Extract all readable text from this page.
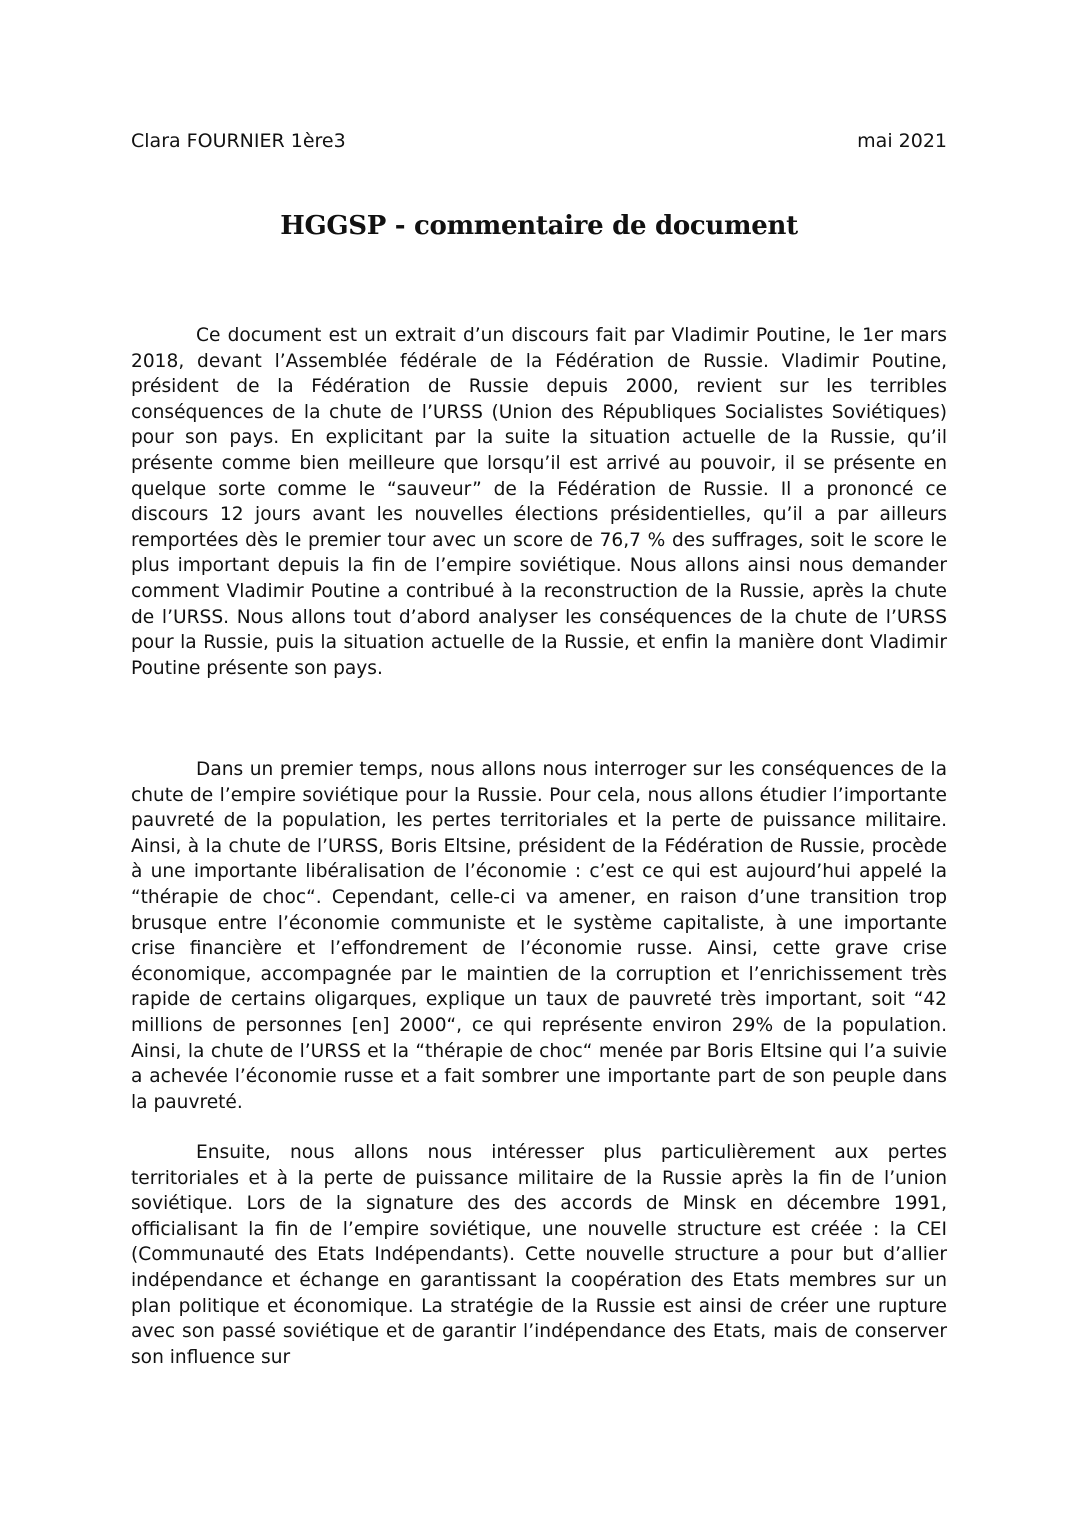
Clara FOURNIER 1ère3	mai 2021
HGGSP - commentaire de document

Ce document est un extrait d’un discours fait par Vladimir Poutine, le 1er mars 2018, devant l’Assemblée fédérale de la Fédération de Russie. Vladimir Poutine, président de la Fédération de Russie depuis 2000, revient sur les terribles conséquences de la chute de l’URSS (Union des Républiques Socialistes Soviétiques) pour son pays. En explicitant par la suite la situation actuelle de la Russie, qu’il présente comme bien meilleure que lorsqu’il est arrivé au pouvoir, il se présente en quelque sorte comme le “sauveur” de la Fédération de Russie. Il a prononcé ce discours 12 jours avant les nouvelles élections présidentielles, qu’il a par ailleurs remportées dès le premier tour avec un score de 76,7 % des suffrages, soit le score le plus important depuis la fin de l’empire soviétique. Nous allons ainsi nous demander comment Vladimir Poutine a contribué à la reconstruction de la Russie, après la chute de l’URSS. Nous allons tout d’abord analyser les conséquences de la chute de l’URSS pour la Russie, puis la situation actuelle de la Russie, et enfin la manière dont Vladimir Poutine présente son pays.

Dans un premier temps, nous allons nous interroger sur les conséquences de la chute de l’empire soviétique pour la Russie. Pour cela, nous allons étudier l’importante pauvreté de la population, les pertes territoriales et la perte de puissance militaire. Ainsi, à la chute de l’URSS, Boris Eltsine, président de la Fédération de Russie, procède à une importante libéralisation de l’économie : c’est ce qui est aujourd’hui appelé la “thérapie de choc“. Cependant, celle-ci va amener, en raison d’une transition trop brusque entre l’économie communiste et le système capitaliste, à une importante crise financière et l’effondrement de l’économie russe. Ainsi, cette grave crise économique, accompagnée par le maintien de la corruption et l’enrichissement très rapide de certains oligarques, explique un taux de pauvreté très important, soit “42 millions de personnes [en] 2000“, ce qui représente environ 29% de la population. Ainsi, la chute de l’URSS et la “thérapie de choc“ menée par Boris Eltsine qui l’a suivie a achevée l’économie russe et a fait sombrer une importante part de son peuple dans la pauvreté.

Ensuite, nous allons nous intéresser plus particulièrement aux pertes territoriales et à la perte de puissance militaire de la Russie après la fin de l’union soviétique. Lors de la signature des des accords de Minsk en décembre 1991, officialisant la fin de l’empire soviétique, une nouvelle structure est créée : la CEI (Communauté des Etats Indépendants). Cette nouvelle structure a pour but d’allier indépendance et échange en garantissant la coopération des Etats membres sur un plan politique et économique. La stratégie de la Russie est ainsi de créer une rupture avec son passé soviétique et de garantir l’indépendance des Etats, mais de conserver son influence sur
